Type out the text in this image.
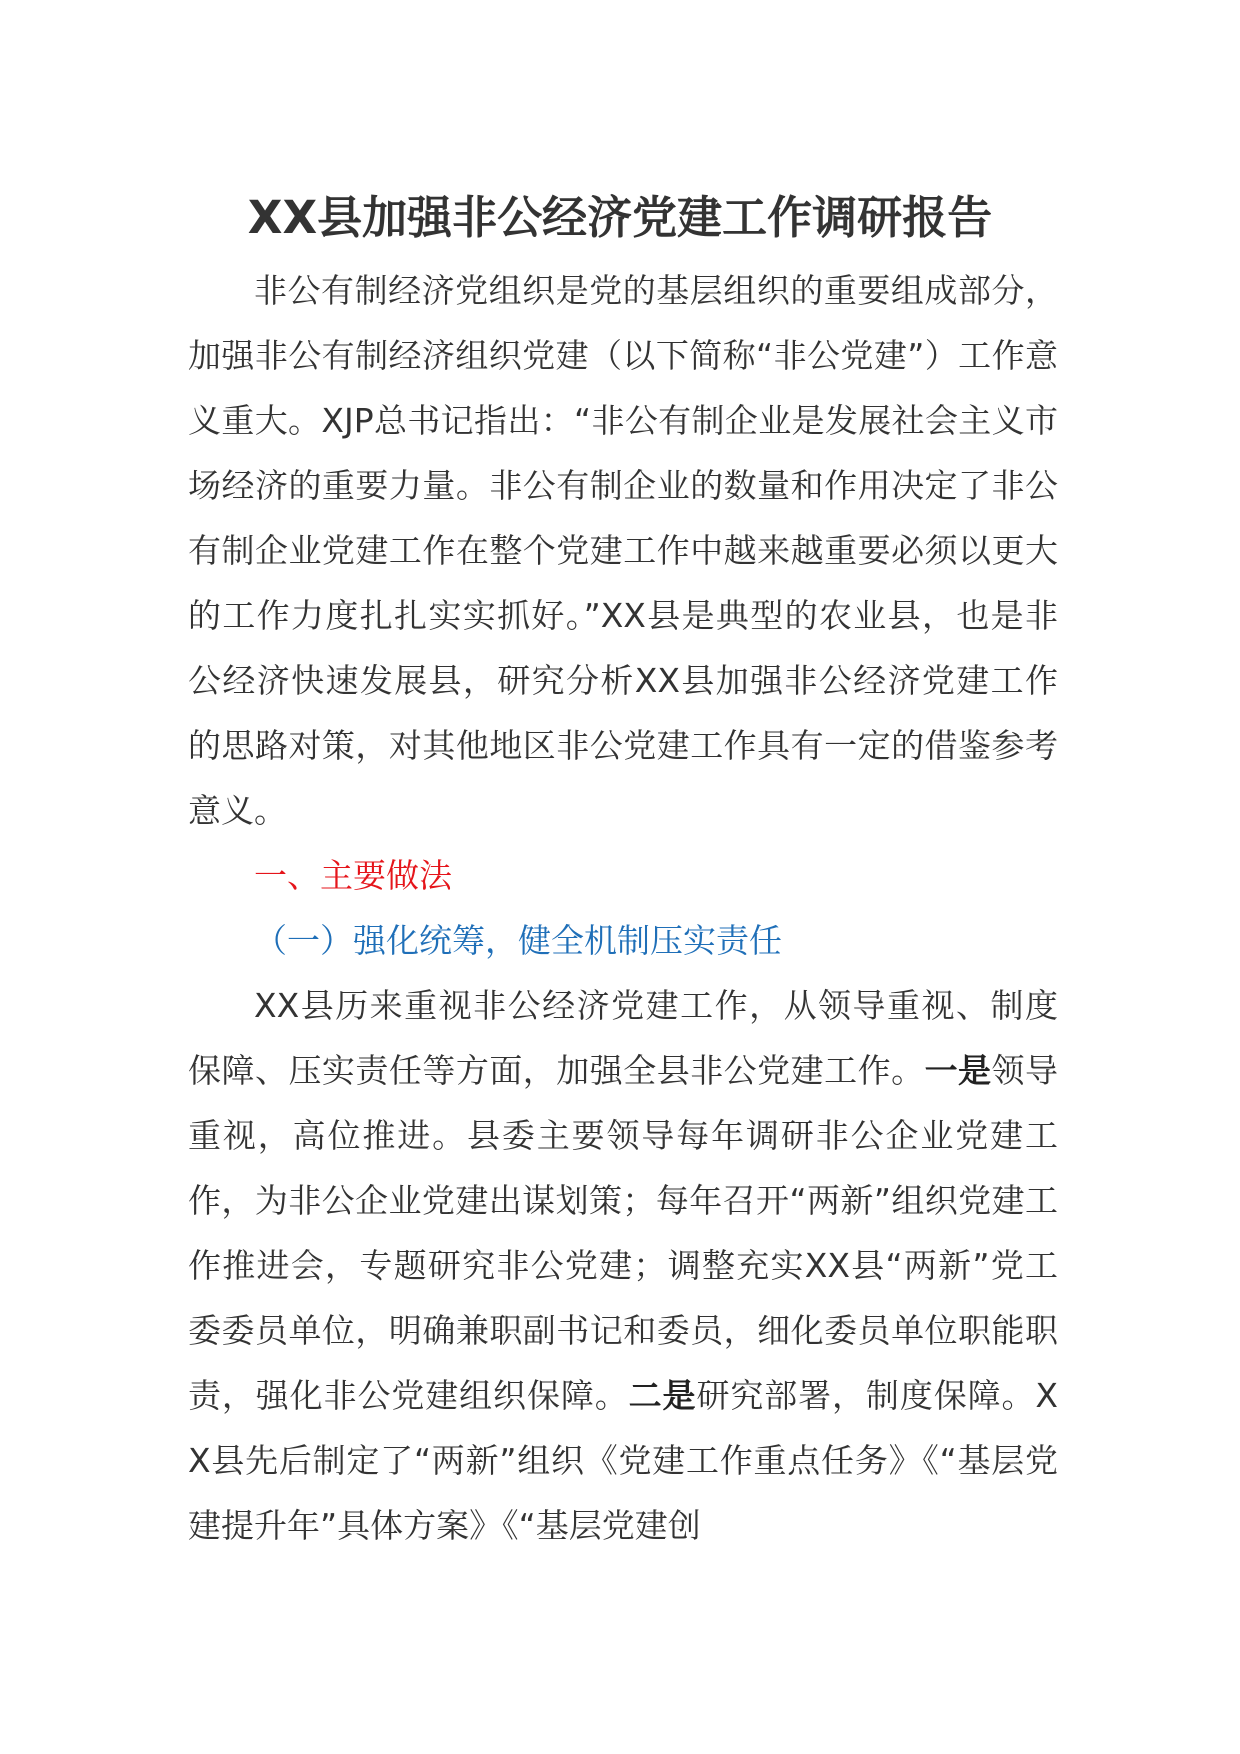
XX县加强非公经济党建工作调研报告

非公有制经济党组织是党的基层组织的重要组成部分，加强非公有制经济组织党建（以下简称“非公党建”）工作意义重大。XJP总书记指出：“非公有制企业是发展社会主义市场经济的重要力量。非公有制企业的数量和作用决定了非公有制企业党建工作在整个党建工作中越来越重要必须以更大的工作力度扎扎实实抓好。”XX县是典型的农业县，也是非公经济快速发展县，研究分析XX县加强非公经济党建工作的思路对策，对其他地区非公党建工作具有一定的借鉴参考意义。

一、主要做法

（一）强化统筹，健全机制压实责任

XX县历来重视非公经济党建工作，从领导重视、制度保障、压实责任等方面，加强全县非公党建工作。一是领导重视，高位推进。县委主要领导每年调研非公企业党建工作，为非公企业党建出谋划策；每年召开“两新”组织党建工作推进会，专题研究非公党建；调整充实XX县“两新”党工委委员单位，明确兼职副书记和委员，细化委员单位职能职责，强化非公党建组织保障。二是研究部署，制度保障。XX县先后制定了“两新”组织《党建工作重点任务》《“基层党建提升年”具体方案》《“基层党建创
